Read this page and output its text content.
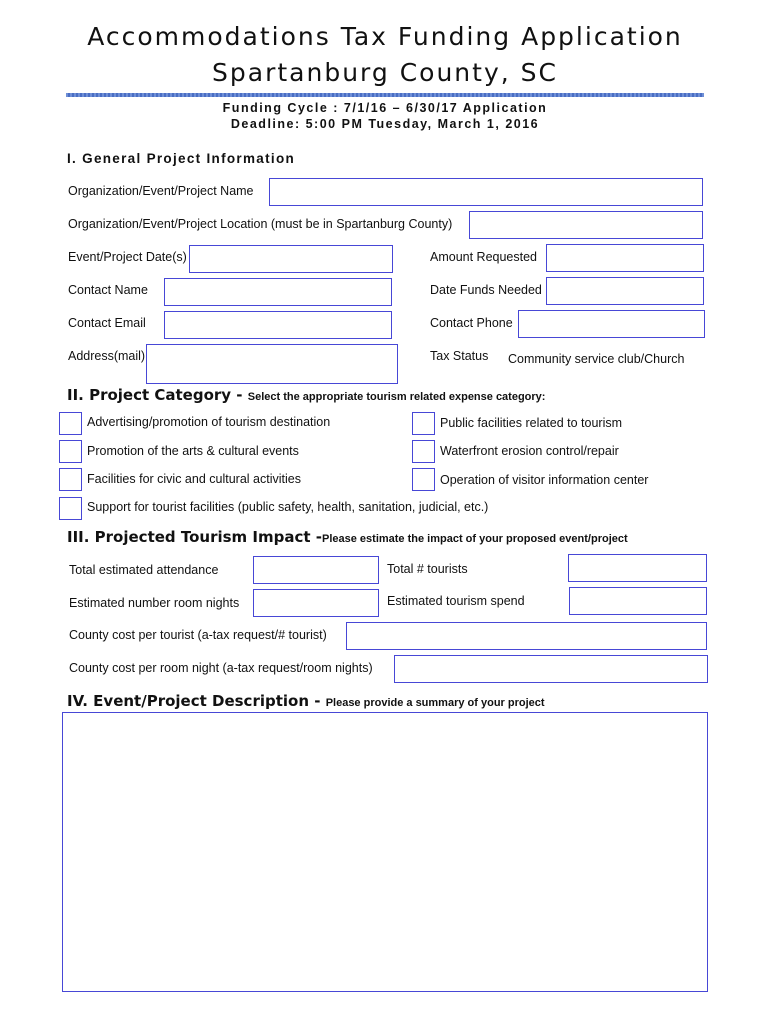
Accommodations Tax Funding Application
Spartanburg County, SC
Funding Cycle : 7/1/16 – 6/30/17 Application
Deadline: 5:00 PM Tuesday, March 1, 2016
I. General Project Information
Organization/Event/Project Name
Organization/Event/Project Location (must be in Spartanburg County)
Event/Project Date(s)	Amount Requested
Contact Name	Date Funds Needed
Contact Email	Contact Phone
Address(mail)	Tax Status Community service club/Church
II. Project Category - Select the appropriate tourism related expense category:
Advertising/promotion of tourism destination	Public facilities related to tourism
Promotion of the arts & cultural events	Waterfront erosion control/repair
Facilities for civic and cultural activities	Operation of visitor information center
Support for tourist facilities (public safety, health, sanitation, judicial, etc.)
III. Projected Tourism Impact -Please estimate the impact of your proposed event/project
Total estimated attendance	Total # tourists
Estimated number room nights	Estimated tourism spend
County cost per tourist (a-tax request/# tourist)
County cost per room night (a-tax request/room nights)
IV. Event/Project Description - Please provide a summary of your project
